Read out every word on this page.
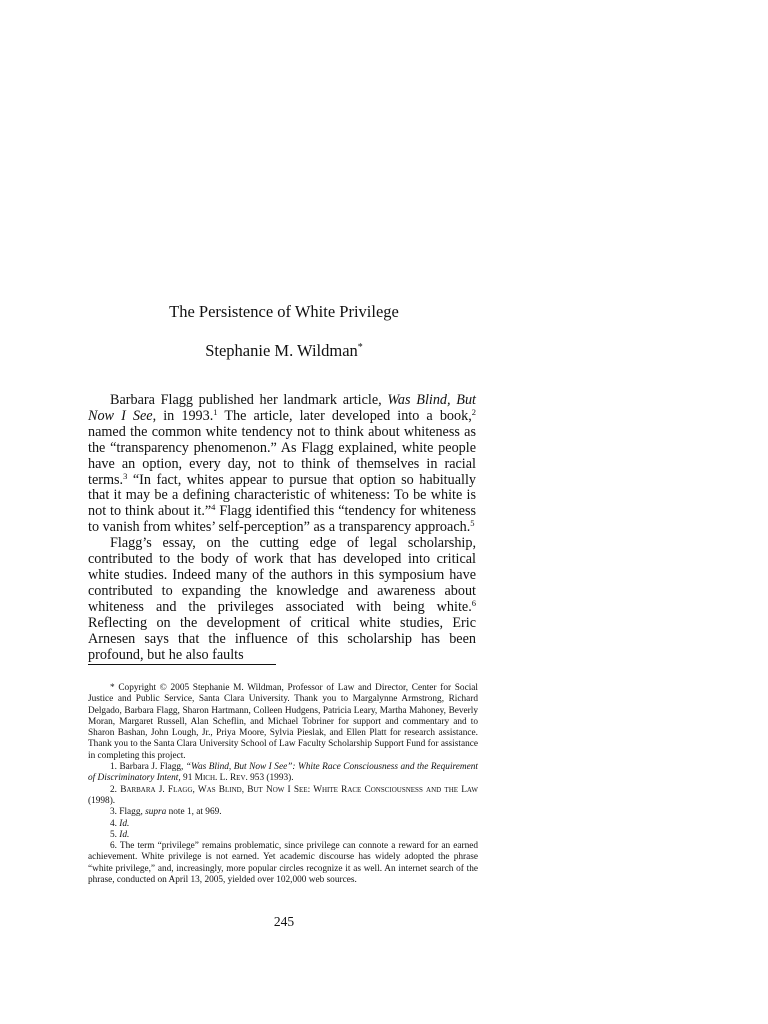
The Persistence of White Privilege
Stephanie M. Wildman*

Barbara Flagg published her landmark article, Was Blind, But Now I See, in 1993.$^1$ The article, later developed into a book,$^2$ named the common white tendency not to think about whiteness as the “transparency phenomenon.” As Flagg explained, white people have an option, every day, not to think of themselves in racial terms.$^3$ “In fact, whites appear to pursue that option so habitually that it may be a defining characteristic of whiteness: To be white is not to think about it.”$^4$ Flagg identified this “tendency for whiteness to vanish from whites’ self-perception” as a transparency approach.$^5$

Flagg’s essay, on the cutting edge of legal scholarship, contributed to the body of work that has developed into critical white studies. Indeed many of the authors in this symposium have contributed to expanding the knowledge and awareness about whiteness and the privileges associated with being white.$^6$ Reflecting on the development of critical white studies, Eric Arnesen says that the influence of this scholarship has been profound, but he also faults

* Copyright © 2005 Stephanie M. Wildman, Professor of Law and Director, Center for Social Justice and Public Service, Santa Clara University. Thank you to Margalynne Armstrong, Richard Delgado, Barbara Flagg, Sharon Hartmann, Colleen Hudgens, Patricia Leary, Martha Mahoney, Beverly Moran, Margaret Russell, Alan Scheflin, and Michael Tobriner for support and commentary and to Sharon Bashan, John Lough, Jr., Priya Moore, Sylvia Pieslak, and Ellen Platt for research assistance. Thank you to the Santa Clara University School of Law Faculty Scholarship Support Fund for assistance in completing this project.

1. Barbara J. Flagg, “Was Blind, But Now I See”: White Race Consciousness and the Requirement of Discriminatory Intent, 91 Mich. L. Rev. 953 (1993).

2. Barbara J. Flagg, Was Blind, But Now I See: White Race Consciousness and the Law (1998).

3. Flagg, supra note 1, at 969.

4. Id.

5. Id.

6. The term “privilege” remains problematic, since privilege can connote a reward for an earned achievement. White privilege is not earned. Yet academic discourse has widely adopted the phrase “white privilege,” and, increasingly, more popular circles recognize it as well. An internet search of the phrase, conducted on April 13, 2005, yielded over 102,000 web sources.

245
